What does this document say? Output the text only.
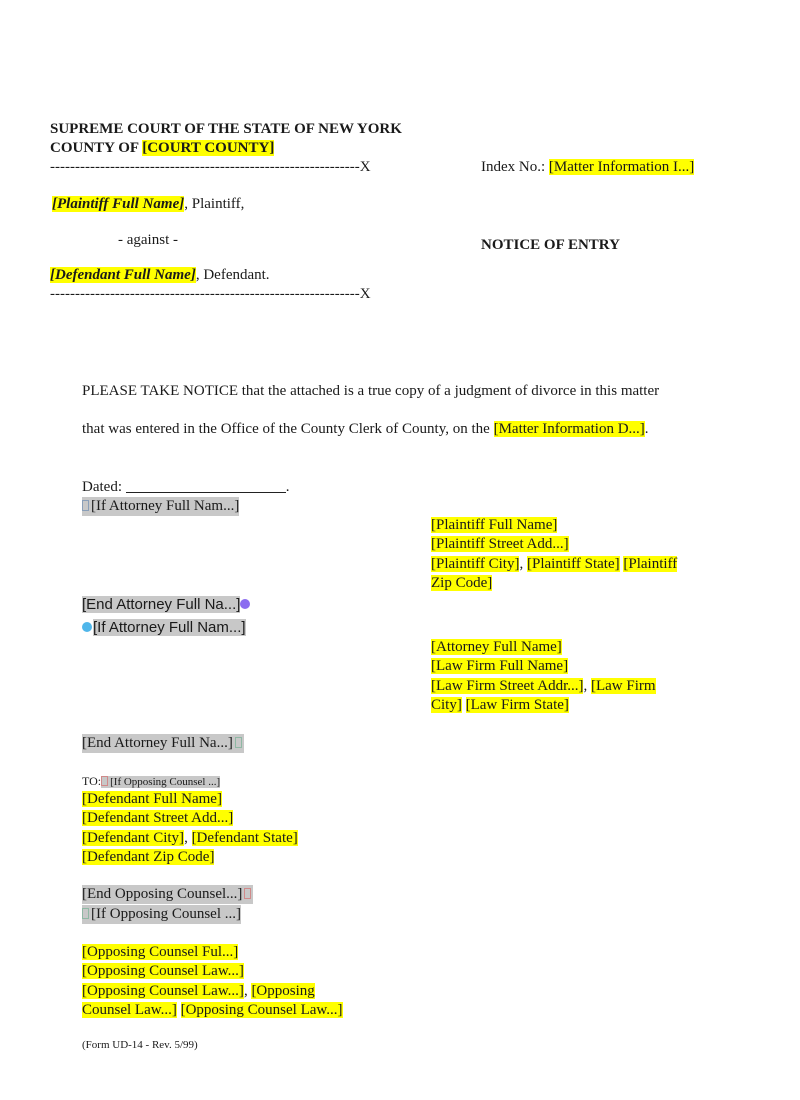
SUPREME COURT OF THE STATE OF NEW YORK
COUNTY OF [COURT COUNTY]
--------------------------------------------------------------X	Index No.: [Matter Information I...]
[Plaintiff Full Name], Plaintiff,
- against -	NOTICE OF ENTRY
[Defendant Full Name], Defendant.
--------------------------------------------------------------X
PLEASE TAKE NOTICE that the attached is a true copy of a judgment of divorce in this matter
that was entered in the Office of the County Clerk of County, on the [Matter Information D...].
Dated:	.
[If Attorney Full Nam...]
[Plaintiff Full Name]
[Plaintiff Street Add...]
[Plaintiff City], [Plaintiff State] [Plaintiff
Zip Code]
[End Attorney Full Na...]
[If Attorney Full Nam...]
[Attorney Full Name]
[Law Firm Full Name]
[Law Firm Street Addr...], [Law Firm
City] [Law Firm State]
[End Attorney Full Na...]
TO: [If Opposing Counsel ...]
[Defendant Full Name]
[Defendant Street Add...]
[Defendant City], [Defendant State]
[Defendant Zip Code]
[End Opposing Counsel...]
[If Opposing Counsel ...]
[Opposing Counsel Ful...]
[Opposing Counsel Law...]
[Opposing Counsel Law...], [Opposing
Counsel Law...] [Opposing Counsel Law...]
(Form UD-14 - Rev. 5/99)
